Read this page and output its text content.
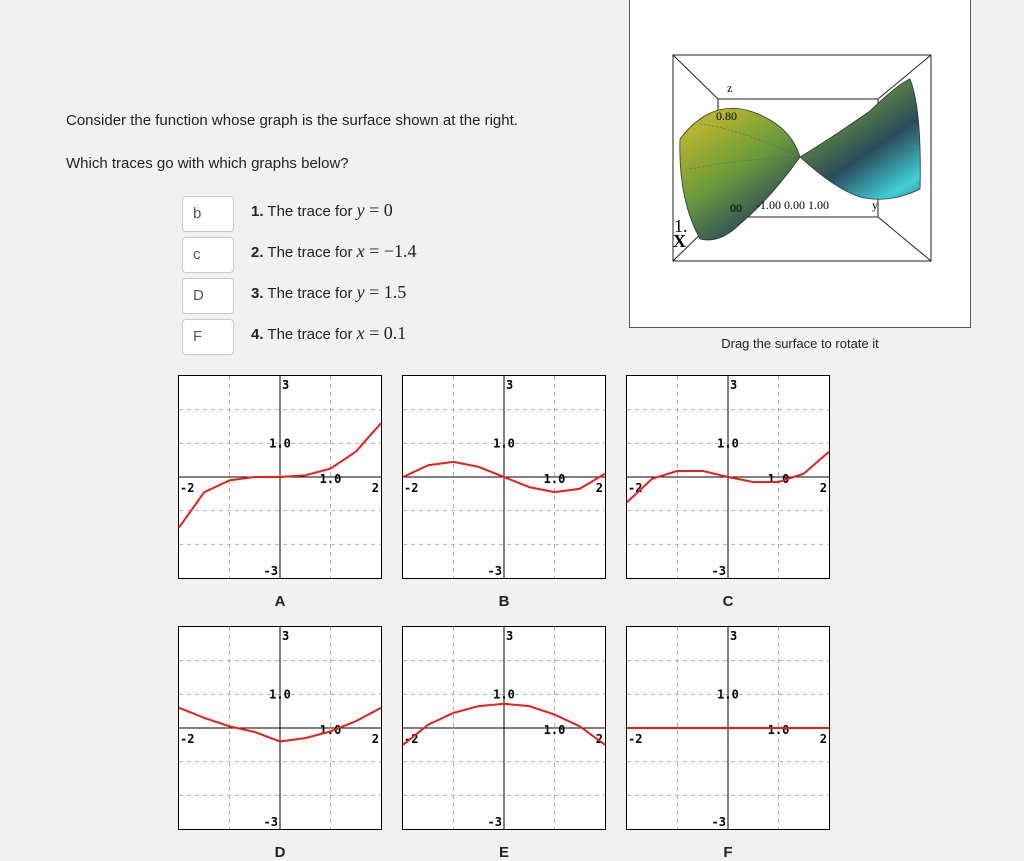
Consider the function whose graph is the surface shown at the right.

Which traces go with which graphs below?

b
1. The trace for y = 0
c
2. The trace for x = −1.4
D
3. The trace for y = 1.5
F
4. The trace for x = 0.1
z
0.80
00 -1.00 0.00 1.00	y
1.
X
Drag the surface to rotate it
-2	2
3
-3
1.0
1.0
A
-2	2
3
-3
1.0
1.0
B
-2	2
3
-3
1.0
1.0
C
-2	2
3
-3
1.0
1.0
D
-2	2
3
-3
1.0
1.0
E
-2	2
3
-3
1.0
1.0
F
